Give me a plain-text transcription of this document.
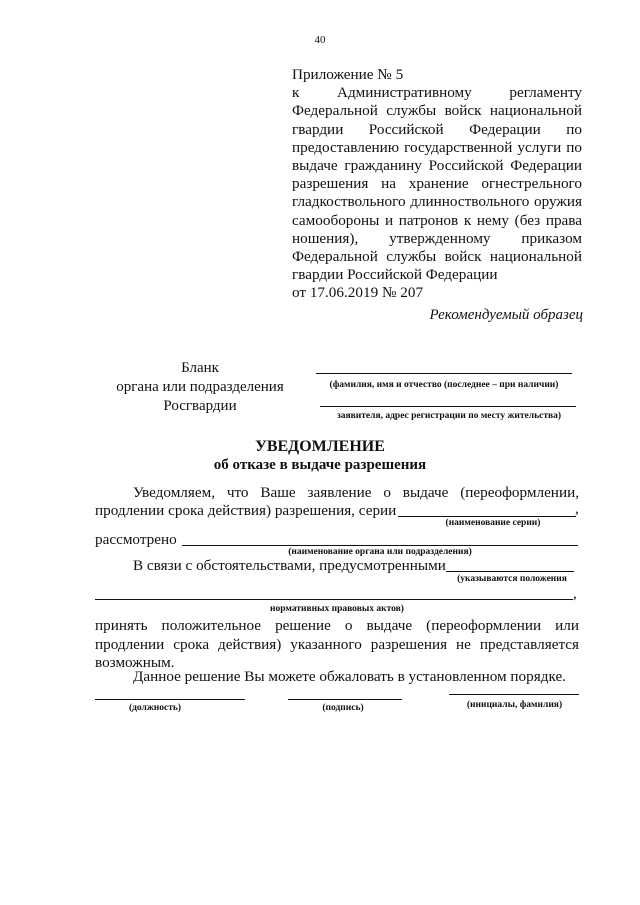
40
Приложение № 5
к Административному регламенту Федеральной службы войск национальной гвардии Российской Федерации по предоставлению государственной услуги по выдаче гражданину Российской Федерации разрешения на хранение огнестрельного гладкоствольного длинноствольного оружия самообороны и патронов к нему (без права ношения), утвержденному приказом Федеральной службы войск национальной гвардии Российской Федерации
от 17.06.2019 № 207
Рекомендуемый образец
Бланк
органа или подразделения
Росгвардии
(фамилия, имя и отчество (последнее – при наличии)
заявителя, адрес регистрации по месту жительства)
УВЕДОМЛЕНИЕ
об отказе в выдаче разрешения
Уведомляем, что Ваше заявление о выдаче (переоформлении,
продлении срока действия) разрешения, серии	,
(наименование серии)
рассмотрено
(наименование органа или подразделения)
В связи с обстоятельствами, предусмотренными
(указываются положения
,
нормативных правовых актов)
принять положительное решение о выдаче (переоформлении или продлении срока действия) указанного разрешения не представляется возможным.
Данное решение Вы можете обжаловать в установленном порядке.
(должность)	(подпись)	(инициалы, фамилия)
